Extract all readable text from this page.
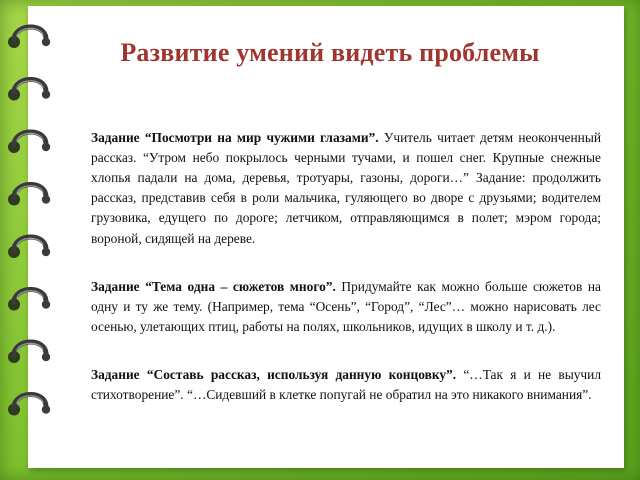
Развитие умений видеть проблемы

Задание “Посмотри на мир чужими глазами”. Учитель читает детям неоконченный рассказ. “Утром небо покрылось черными тучами, и пошел снег. Крупные снежные хлопья падали на дома, деревья, тротуары, газоны, дороги…” Задание: продолжить рассказ, представив себя в роли мальчика, гуляющего во дворе с друзьями; водителем грузовика, едущего по дороге; летчиком, отправляющимся в полет; мэром города; вороной, сидящей на дереве.

Задание “Тема одна – сюжетов много”. Придумайте как можно больше сюжетов на одну и ту же тему. (Например, тема “Осень”, “Город”, “Лес”… можно нарисовать лес осенью, улетающих птиц, работы на полях, школьников, идущих в школу и т. д.).

Задание “Составь рассказ, используя данную концовку”. “…Так я и не выучил стихотворение”. “…Сидевший в клетке попугай не обратил на это никакого внимания”.
